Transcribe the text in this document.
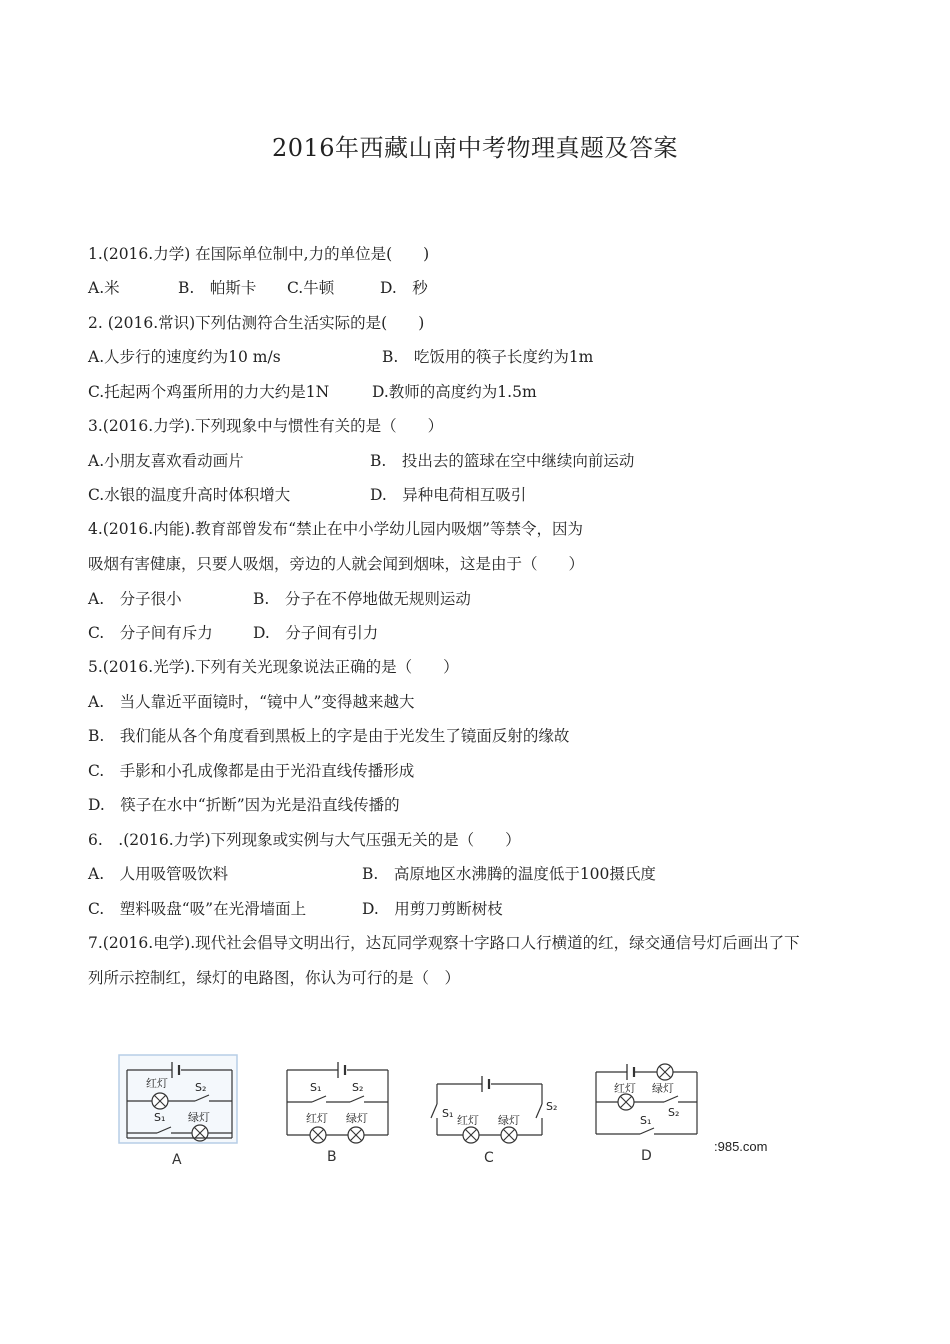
2016年西藏山南中考物理真题及答案
1.(2016.力学) 在国际单位制中,力的单位是(　　)
A.米	B.　帕斯卡 C.牛顿	D.　秒
2. (2016.常识)下列估测符合生活实际的是(　　)
A.人步行的速度约为10 m/s	B.　吃饭用的筷子长度约为1m
C.托起两个鸡蛋所用的力大约是1N	D.教师的高度约为1.5m
3.(2016.力学).下列现象中与惯性有关的是（　　）
A.小朋友喜欢看动画片	B.　投出去的篮球在空中继续向前运动
C.水银的温度升高时体积增大	D.　异种电荷相互吸引
4.(2016.内能).教育部曾发布“禁止在中小学幼儿园内吸烟”等禁令，因为
吸烟有害健康，只要人吸烟，旁边的人就会闻到烟味，这是由于（　　）
A.　分子很小	B.　分子在不停地做无规则运动
C.　分子间有斥力	D.　分子间有引力
5.(2016.光学).下列有关光现象说法正确的是（　　）
A.　当人靠近平面镜时，“镜中人”变得越来越大
B.　我们能从各个角度看到黑板上的字是由于光发生了镜面反射的缘故
C.　手影和小孔成像都是由于光沿直线传播形成
D.　筷子在水中“折断”因为光是沿直线传播的
6.　.(2016.力学)下列现象或实例与大气压强无关的是（　　）
A.　人用吸管吸饮料	B.　高原地区水沸腾的温度低于100摄氏度
C.　塑料吸盘“吸”在光滑墙面上	D.　用剪刀剪断树枝
7.(2016.电学).现代社会倡导文明出行，达瓦同学观察十字路口人行横道的红，绿交通信号灯后画出了下
列所示控制红，绿灯的电路图，你认为可行的是（　）
红灯 S₂
S₁ 绿灯
A
S₁	S₂
红灯 绿灯
B
S₁
S₂
红灯 绿灯
C
红灯 绿灯
S₂
S₁
D
:985.com
